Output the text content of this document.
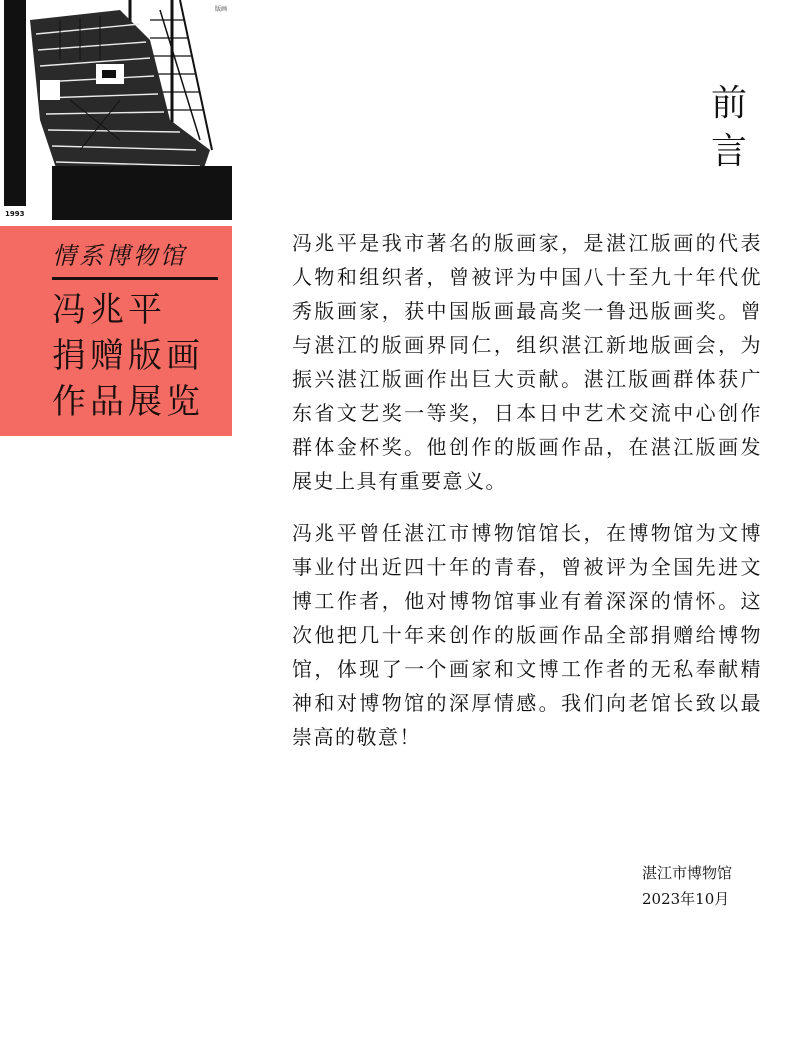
1993
版画
情系博物馆
冯兆平
捐赠版画
作品展览
前
言

冯兆平是我市著名的版画家，是湛江版画的代表人物和组织者，曾被评为中国八十至九十年代优秀版画家，获中国版画最高奖一鲁迅版画奖。曾与湛江的版画界同仁，组织湛江新地版画会，为振兴湛江版画作出巨大贡献。湛江版画群体获广东省文艺奖一等奖，日本日中艺术交流中心创作群体金杯奖。他创作的版画作品，在湛江版画发展史上具有重要意义。

冯兆平曾任湛江市博物馆馆长，在博物馆为文博事业付出近四十年的青春，曾被评为全国先进文博工作者，他对博物馆事业有着深深的情怀。这次他把几十年来创作的版画作品全部捐赠给博物馆，体现了一个画家和文博工作者的无私奉献精神和对博物馆的深厚情感。我们向老馆长致以最崇高的敬意！

湛江市博物馆
2023年10月
